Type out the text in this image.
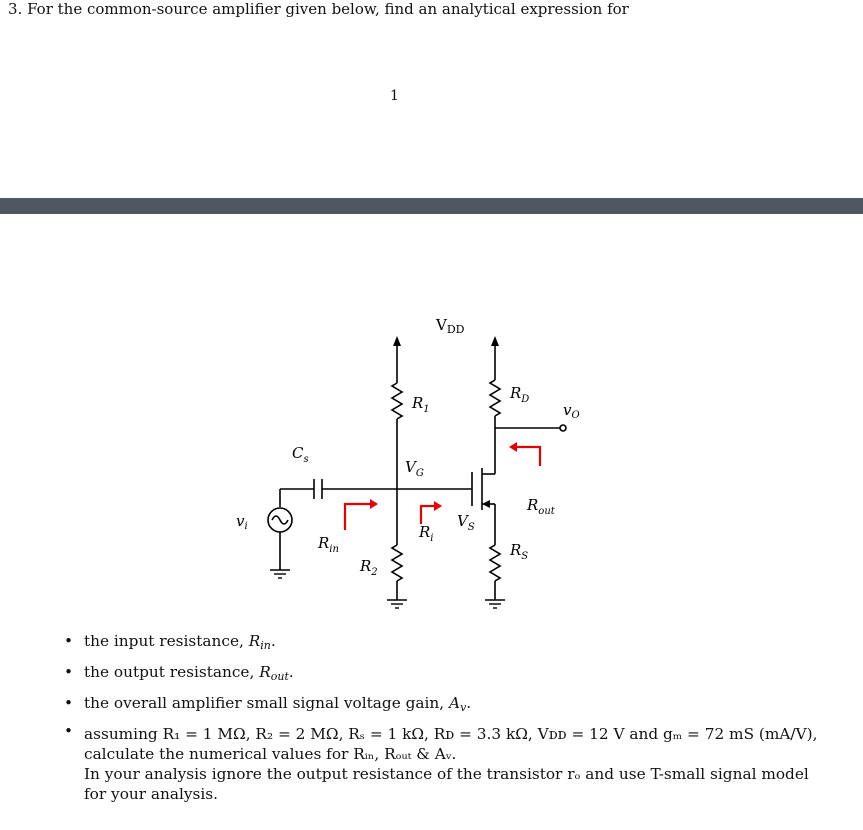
3. For the common-source amplifier given below, find an analytical expression for
1
$V_{DD}$
$R_1$
$R_D$
$v_O$
$C_s$	$V_G$
$v_i$
$R_{in}$
$R_2$
$R_i$
$V_S$
$R_{out}$
$R_S$
• the input resistance, $R_{in}$.
• the output resistance, $R_{out}$.
• the overall amplifier small signal voltage gain, $A_v$.
• assuming R₁ = 1 MΩ, R₂ = 2 MΩ, Rₛ = 1 kΩ, Rᴅ = 3.3 kΩ, Vᴅᴅ = 12 V and gₘ = 72 mS (mA/V),
calculate the numerical values for Rᵢₙ, Rₒᵤₜ & Aᵥ.
In your analysis ignore the output resistance of the transistor rₒ and use T-small signal model
for your analysis.
